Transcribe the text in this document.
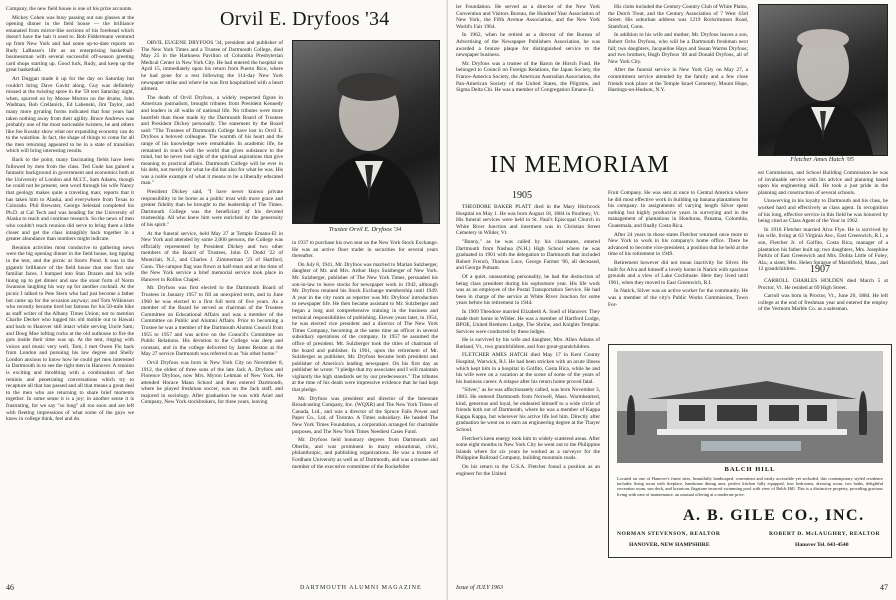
Company, the new field house is one of his prize accounts.

Mickey Cohen was busy passing out sun glasses at the opening dinner in the field house — the brilliance emanated from mirror-like sections of his forehead which doesn't have the hair it used to. Bob Fiddermann ventured up from New York and had some up-to-date reports on Rudy LaRusso's life as an enterprising basketball-businessman with several successful off-season greeting card shops starting up. Good luck, Rudy, and keep up the great basketball.

Art Duggan made it up for the day on Saturday but couldn't bring Dave Gavitt along. Guy was definitely missed at the twisting spree in the '59 tent Saturday night, when, spurred on by Moose Morton on the drums, John Wadman, Bob Crellanick, Ed Labenski, Jim Taylor, and many more gyrating forms indicated that four years had taken nothing away from their agility. Bruce Andrews was probably one of the most noticeable twisters, he and others like Joe Kossky show what our expanding economy can do to the waistline. In fact, the shape of things to come for all the men returning appeared to be in a state of transition which will bring interesting results.

Back to the point, many fascinating fields have been followed by men from the class. Ted Gude has gained a fantastic background in government and economics both at the University of London and M.I.T., Sam Adams, though he could not be present, sent word through his wife Nancy that geology makes quite a traveling man; reports that it has taken him to Alaska, and everywhere from Texas to Colorado. Phil Brewster, George Selestad completed his Ph.D. at Cal Tech and was heading for the University of Alaska to teach and continue research. So the news of men who couldn't reach reunion did serve to bring them a little closer and get the class intangibly back together in a greater abundance than numbers might indicate.

Reunion activities most conducive to gathering news were the big opening dinner in the field house, keg tipping in the tent, and the picnic at Storrs Pond. It was in the gigantic brilliance of the field house that one first saw familiar faces. I bumped into Stan Drazen and his wife lining up to get dinner and saw the stout form of Norm Swanson laughing his way up for another cocktail. At the picnic I talked to Pete Stern who had just become a father but came up for the occasion anyway; and Tom Wilkinson who recently became tired but famous for his 50-mile hike as staff writer of the Albany Times Union; not to mention Charlie Decker who lugged his old mobile out to Hawaii and back to Hanover still intact while serving Uncle Sam; and Doug Moe lofting rocks at the old outhouse to fire the guts inside their time was up. At the tent, ringing with voices and music very well, Tom, I met Owen Flo back from London and pursuing his law degree and Shelly London anxious to know how he could get men interested in Dartmouth in to see the right men in Hanover. A reunion is exciting and throbbing with a combination of fast reminis and penetrating conversations which try to recapture all that has passed and all that means a great deal to the men who are returning to share brief moments together. In some sense it is a joy; in another sense it is frustrating, for we say "so long" all too soon and are left with fleeting impressions of what some of the guys we knew in college think, feel and do.

Orvil E. Dryfoos '34

ORVIL EUGENE DRYFOOS '34, president and publisher of The New York Times and a Trustee of Dartmouth College, died May 25 in the Harkness Pavilion of Columbia Presbyterian Medical Center in New York City. He had entered the hospital on April 15, immediately upon his return from Puerto Rico, where he had gone for a rest following the 114-day New York newspaper strike and where he was first hospitalized with a heart ailment.

The death of Orvil Dryfoos, a widely respected figure in American journalism, brought tributes from President Kennedy and leaders in all walks of national life. No tributes were more heartfelt than those made by the Dartmouth Board of Trustees and President Dickey personally. The statement by the Board said: "The Trustees of Dartmouth College have lost in Orvil E. Dryfoos a beloved colleague. The warmth of his heart and the range of his knowledge were remarkable. In academic life, he remained in touch with the world that gives substance to the mind, but he never lost sight of the spiritual aspirations that give meaning to practical affairs. Dartmouth College will be ever in his debt, not merely for what he did but also for what he was. His was a noble example of what it means to be a liberally educated man."

President Dickey said, "I have never known private responsibility to be borne as a public trust with more grace and greater fidelity than he brought to the leadership of The Times. Dartmouth College was the beneficiary of his devoted trusteeship. All who knew him were enriched by the generosity of his spirit."

At the funeral service, held May 27 at Temple Emanu-El in New York and attended by some 2,000 persons, the College was officially represented by President Dickey and two other members of the Board of Trustees, John D. Dodd '22 of Montclair, N.J., and Charles J. Zimmerman '23 of Hartford, Conn. The campus flag was flown at half-mast and at the time of the New York service a brief memorial service took place in Hanover in Rollins Chapel.

Mr. Dryfoos was first elected to the Dartmouth Board of Trustees in January 1957 to fill an unexpired term, and in June 1960 he was elected to a first full term of five years. As a member of the Board he served as chairman of the Trustees Committee on Educational Affairs and was a member of the Committee on Public and Alumni Affairs. Prior to becoming a Trustee he was a member of the Dartmouth Alumni Council from 1955 to 1957 and was active on the Council's Committee on Public Relations. His devotion to the College was deep and constant, and in the college delivered by James Reston at the May 27 service Dartmouth was referred to as "his other home."

Orvil Dryfoos was born in New York City on November 8, 1912, the eldest of three sons of the late Jack A. Dryfoos and Florence Dryfoos, now Mrs. Myron Lehman of New York. He attended Horace Mann School and then entered Dartmouth, where he played freshman soccer, was on the Jack staff, and majored in sociology. After graduation he was with Asiel and Company, New York stockbrokers, for three years, leaving

Trustee Orvil E. Dryfoos '34

in 1937 to purchase his own seat on the New York Stock Exchange. He was an active floor trader in securities for several years thereafter.

On July 8, 1941, Mr. Dryfoos was married to Marian Sulzberger, daughter of Mr. and Mrs. Arthur Hays Sulzberger of New York. Mr. Sulzberger, publisher of The New York Times, persuaded his son-in-law to leave stocks for newspaper work in 1942, although Mr. Dryfoos retained his Stock Exchange membership until 1949. A year in the city room as reporter was Mr. Dryfoos' introduction to newspaper life. He then became assistant to Mr. Sulzberger and began a long and comprehensive training in the business and technical responsibilities of publishing. Eleven years later, in 1954, he was elected vice president and a director of The New York Times Company, becoming at the same time an officer in several subsidiary operations of the company. In 1957 he assumed the office of president. Mr. Sulzberger took the titles of chairman of the board and publisher. In 1961, upon the retirement of Mr. Sulzberger as publisher, Mr. Dryfoos became both president and publisher of America's leading newspaper. On his first day as publisher he wrote: "I pledge that my associates and I will maintain vigilantly the high standards set by our predecessors." The tributes at the time of his death were impressive evidence that he had kept that pledge.

Mr. Dryfoos was president and director of the Interstate Broadcasting Company, Inc. (WQXR) and The New York Times of Canada, Ltd., and was a director of the Spruce Falls Power and Paper Co., Ltd. of Toronto. A Times subsidiary. He headed The New York Times Foundation, a corporation arranged for charitable purposes, and The New York Times Neediest Cases Fund.

Mr. Dryfoos held honorary degrees from Dartmouth and Oberlin, and was prominent in many educational, civic, philanthropic, and publishing organizations. He was a trustee of Fordham University as well as of Dartmouth, and was a trustee and member of the executive committee of the Rockefeller

46

ler Foundation. He served as a director of the New York Convention and Visitors Bureau, the Hundred Year Association of New York, the Fifth Avenue Association, and the New York World's Fair 1964.

In 1962, when he retired as a director of the Bureau of Advertising of the Newspaper Publishers Association, he was awarded a bronze plaque for distinguished service to the newspaper business.

Mr. Dryfoos was a trustee of the Baron de Hirsch Fund. He belonged to Council on Foreign Relations, the Japan Society, the France-America Society, the American Australian Association, the Pan-American Society of the United States, the Pilgrims, and Sigma Delta Chi. He was a member of Congregation Emanu-El.

His clubs included the Century Country Club of White Plains, the Dutch Treat, and the Century Association of 7 West 43rd Street. His suburban address was 1219 Rockrimmon Road, Stamford, Conn.

In addition to his wife and mother, Mr. Dryfoos leaves a son, Robert Ochs Dryfoos, who will be a Dartmouth freshman next fall; two daughters, Jacqueline Hays and Susan Warms Dryfoos; and two brothers, Hugh Dryfoos '40 and Donald Dryfoos, all of New York City.

After the funeral service in New York City on May 27, a commitment service attended by the family and a few close friends took place at the Temple Israel Cemetery, Mount Hope, Hastings-on-Hudson, N.Y.

Fletcher Ames Hatch '05
IN MEMORIAM
1905

THEODORE BAKER PLATT died in the Mary Hitchcock Hospital on May 1. He was born August 18, 1884 in Poultney, Vt. His funeral services were held in St. Paul's Episcopal Church in White River Junction and interment was in Christian Street Cemetery in Wilder, Vt.

"Bunny," as he was called by his classmates, entered Dartmouth from Nashua (N.H.) High School where he was graduated in 1901 with the delegation to Dartmouth that included Robert French, Thomas Luce, George Farmer '06, all deceased, and George Putnam.

Of a quiet, unassuming personality, he had the distinction of being class president during his sophomore year. His life work was as an employee of the Postal Transportation Service. He had been in charge of the service at White River Junction for some years before his retirement in 1944.

In 1909 Theodore married Elizabeth A. Snell of Hanover. They made their home in Wilder. He was a member of Hartford Lodge, BPOE, United Brethren Lodge, The Shrine, and Knights Templar. Services were conducted by these lodges.

He is survived by his wife and daughter, Mrs. Allen Adams of Rutland, Vt., two grandchildren, and four great-grandchildren.

FLETCHER AMES HATCH died May 17 in Kent County Hospital, Warwick, R.I. He had been stricken with an acute illness which kept him in a hospital in Golfito, Costa Rica, while he and his wife were on a vacation at the scene of some of the years of his business career. A relapse after his return home proved fatal.

"Silver," as he was affectionately called, was born November 3, 1883. He entered Dartmouth from Norwell, Mass. Warmhearted, kind, generous and loyal, he endeared himself to a wide circle of friends both out of Dartmouth, where he was a member of Kappa Kappa Kappa, but wherever his active life led him. Directly after graduation he went on to earn an engineering degree at the Thayer School.

Fletcher's keen energy took him to widely scattered areas. After some eight months in New York City he went out to the Philippine Islands where for six years he worked as a surveyor for the Philippine Railroad Company, building mountain roads.

On his return to the U.S.A. Fletcher found a position as an engineer for the United

Fruit Company. He was sent at once to Central America where he did most effective work in building up banana plantations for his company. In assignments of varying length Silver spent nothing but highly productive years in surveying and in the management of plantations in Honduras, Panama, Colombia, Guatemala, and finally Costa Rica.

After 24 years in those states Fletcher returned once more to New York to work in his company's home office. There he advanced to become vice-president, a position that he held at the time of his retirement in 1949.

Retirement however did not mean inactivity for Silver. He built for Alva and himself a lovely home in Natick with spacious grounds and a view of Lake Cochituate. Here they lived until 1961, when they moved to East Greenwich, R.I.

In Natick, Silver was an active worker for the community. He was a member of the city's Public Works Commission, Town For-

est Commission, and School Building Commission he was of invaluable service with his advice and planning based upon his engineering skill. He took a just pride in the planning and construction of several schools.

Unswerving in his loyalty to Dartmouth and his class, he worked hard and effectively as class agent. In recognition of his long, effective service in this field he was honored by being cited as Class Agent of the Year in 1962.

In 1916 Fletcher married Alva Flye. He is survived by his wife, living at 63 Virginia Ave., East Greenwich, R.I., a son, Fletcher Jr. of Golfito, Costa Rica, manager of a plantation his father built up; two daughters, Mrs. Josephine Parkin of East Greenwich and Mrs. Dolita Little of Foley, Ala.; a sister, Mrs. Helen Sprague of Marshfield, Mass., and 12 grandchildren.	1907

CARROLL CHARLES HOLDEN died March 5 at Proctor, Vt. He resided at 69 High Street.

Carroll was born in Proctor, Vt., June 20, 1884. He left college at the end of freshman year and entered the employ of the Vermont Marble Co. as a salesman.

BALCH HILL
Located on one of Hanover's finest sites, beautifully landscaped, convenient and easily accessible yet secluded, this contemporary styled residence includes living room with fireplace, handsome dining area, perfect kitchen fully equipped, four bedrooms, dressing room, two baths, delightful recreation room, sun deck, and luxurious flagstone terraced swimming pool with view of Balch Hill. This is a distinctive property, providing gracious living with ease of maintenance, an unusual offering at a moderate price.
A. B. GILE CO., INC.
NORMAN STEVENSON, REALTOR	ROBERT D. McLAUGHRY, REALTOR
HANOVER, NEW HAMPSHIRE	Hanover Tel. 643-4540
Issue of JULY 1963	47
DARTMOUTH ALUMNI MAGAZINE
